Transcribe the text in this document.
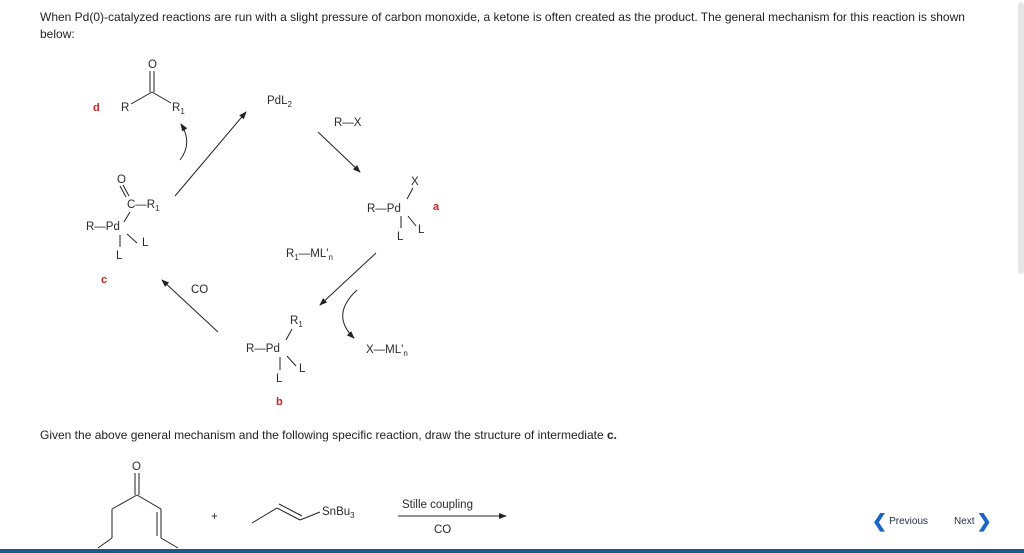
When Pd(0)-catalyzed reactions are run with a slight pressure of carbon monoxide, a ketone is often created as the product. The general mechanism for this reaction is shown below:
d R
O
$R_1$
PdL$_2$
R—X
X
R—Pd	a
L
L
$R_1—ML'_n$
$X—ML'_n$
$R_1$
R—Pd
L
L
b
O
$C—R_1$
R—Pd
L
L
c
CO
O
+	SnBu$_3$
Stille coupling
CO
Given the above general mechanism and the following specific reaction, draw the structure of intermediate c.
❮ Previous	Next ❯
